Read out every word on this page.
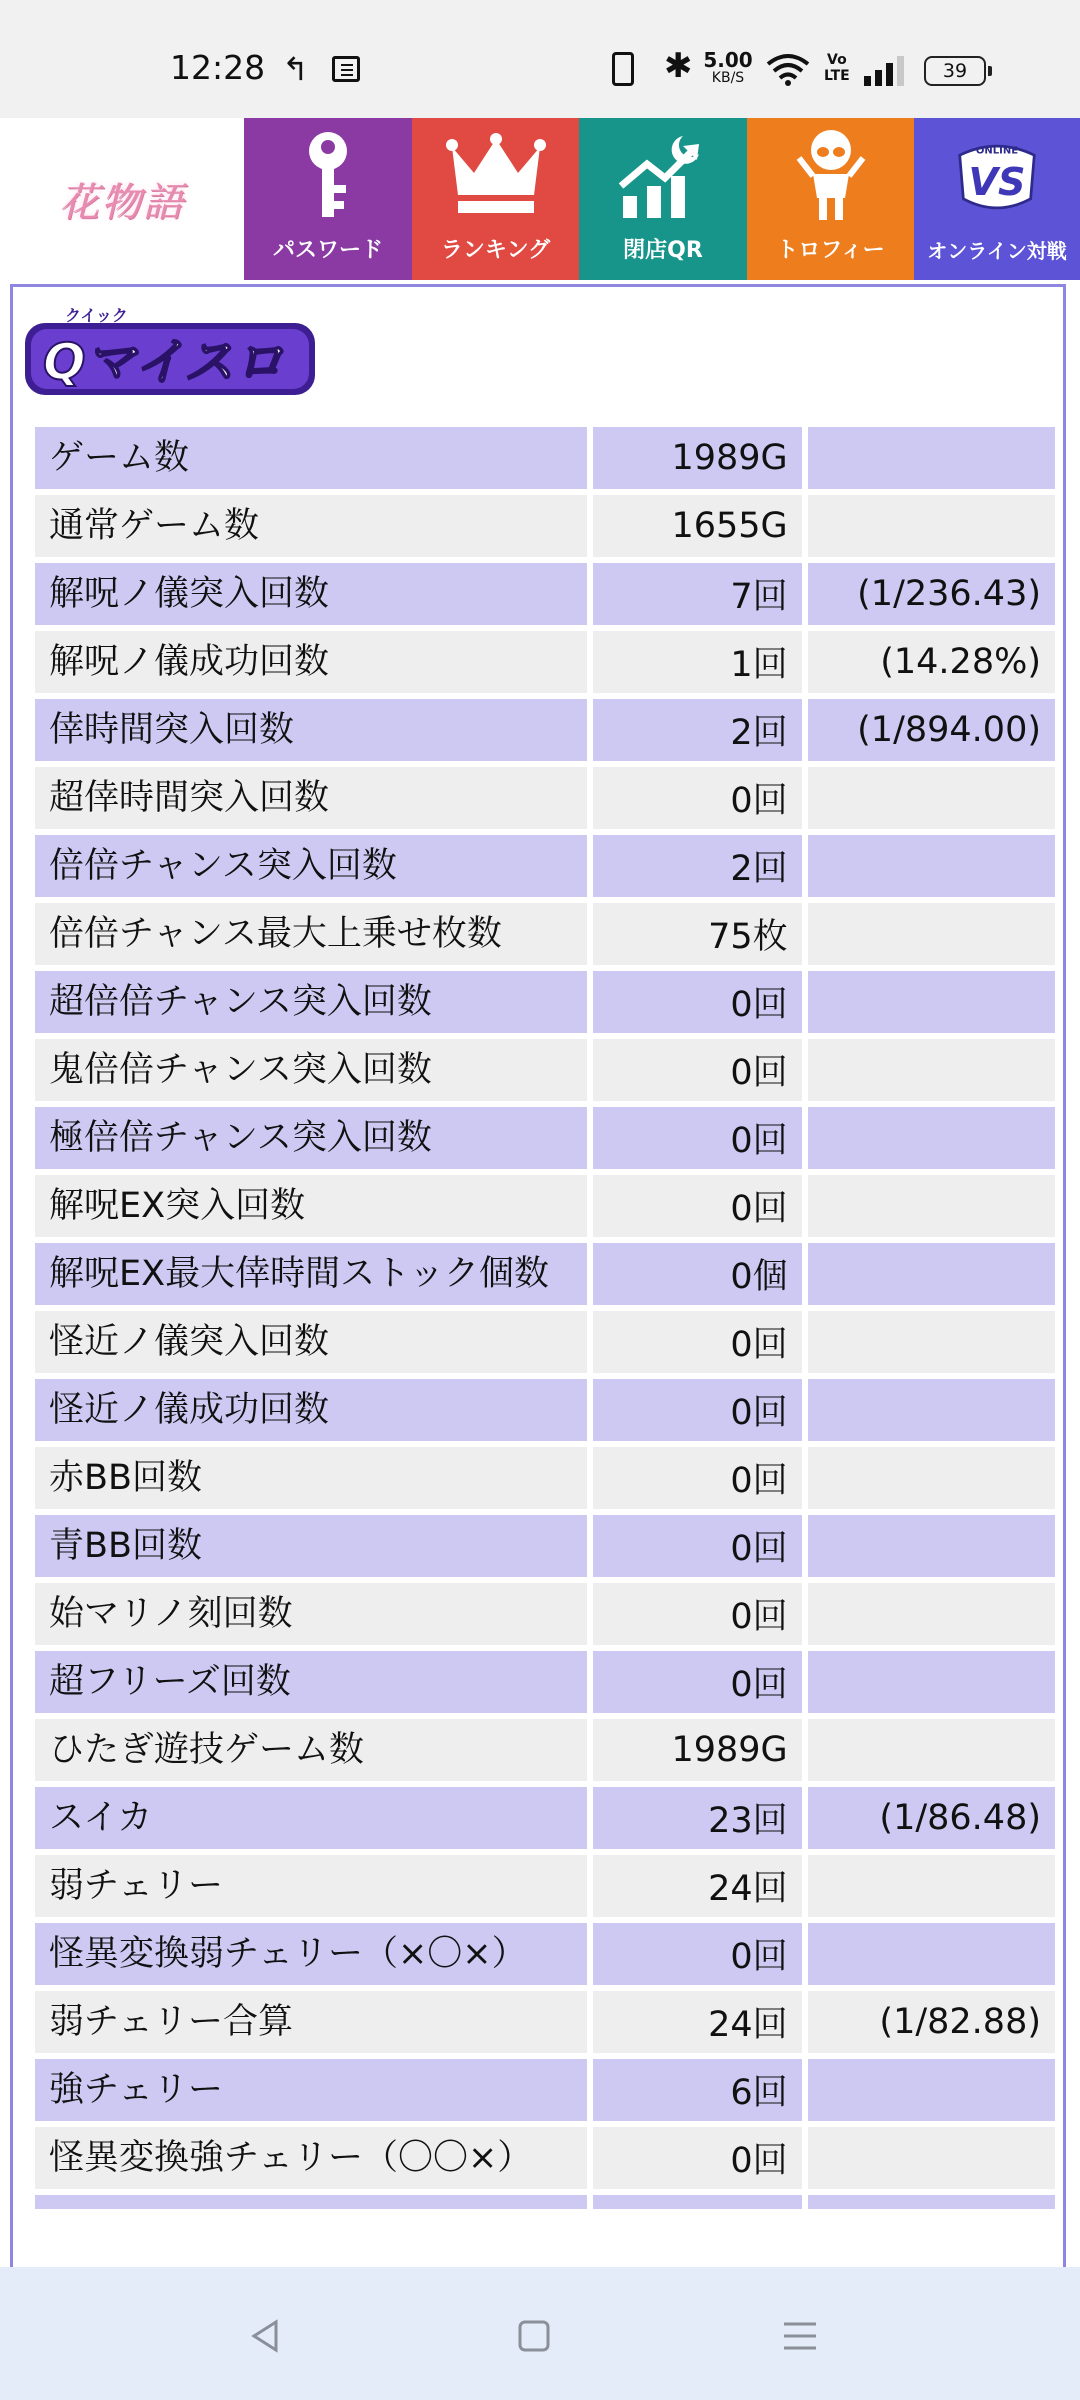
12:28 ↰	✱ 5.00
KB/S
Vo
LTE	39
花物語
パスワード	ランキング	閉店QR	トロフィー
ONLINE
VS
オンライン対戦
クイック
Qマイスロ
ゲーム数	1989G	
通常ゲーム数	1655G	
解呪ノ儀突入回数	7回	(1/236.43)
解呪ノ儀成功回数	1回	(14.28%)
倖時間突入回数	2回	(1/894.00)
超倖時間突入回数	0回	
倍倍チャンス突入回数	2回	
倍倍チャンス最大上乗せ枚数	75枚	
超倍倍チャンス突入回数	0回	
鬼倍倍チャンス突入回数	0回	
極倍倍チャンス突入回数	0回	
解呪EX突入回数	0回	
解呪EX最大倖時間ストック個数	0個	
怪近ノ儀突入回数	0回	
怪近ノ儀成功回数	0回	
赤BB回数	0回	
青BB回数	0回	
始マリノ刻回数	0回	
超フリーズ回数	0回	
ひたぎ遊技ゲーム数	1989G	
スイカ	23回	(1/86.48)
弱チェリー	24回	
怪異変換弱チェリー（×〇×）	0回	
弱チェリー合算	24回	(1/82.88)
強チェリー	6回	
怪異変換強チェリー（〇〇×）	0回	
